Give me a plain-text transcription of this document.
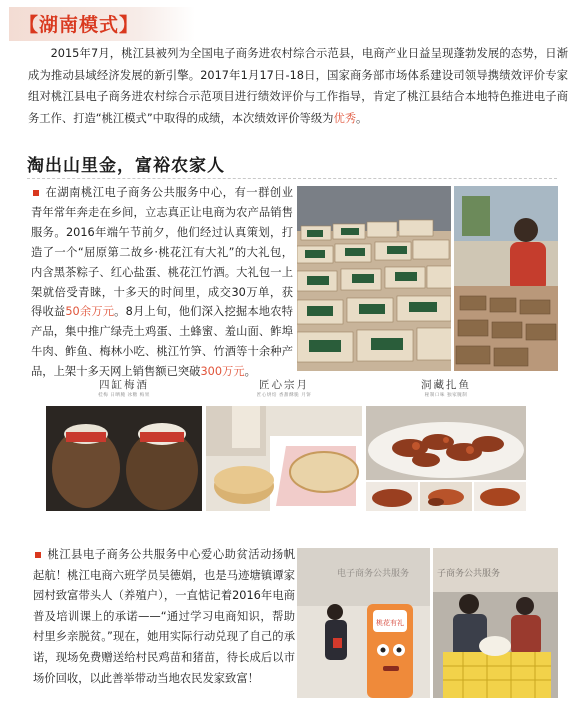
【湖南模式】
2015年7月，桃江县被列为全国电子商务进农村综合示范县，电商产业日益呈现蓬勃发展的态势，日渐成为推动县域经济发展的新引擎。2017年1月17日-18日，国家商务部市场体系建设司领导携绩效评价专家组对桃江县电子商务进农村综合示范项目进行绩效评价与工作指导，肯定了桃江县结合本地特色推进电子商务工作、打造“桃江模式”中取得的成绩，本次绩效评价等级为优秀。
淘出山里金，富裕农家人
在湖南桃江电子商务公共服务中心，有一群创业青年常年奔走在乡间，立志真正让电商为农产品销售服务。2016年端午节前夕，他们经过认真策划，打造了一个“屈原第二故乡·桃花江有大礼”的大礼包，内含黑茶粽子、红心盐蛋、桃花江竹酒。大礼包一上架就倍受青睐，十多天的时间里，成交30万单，获得收益50余万元。8月上旬，他们深入挖掘本地农特产品，集中推广绿壳土鸡蛋、土蜂蜜、羞山面、鲊埠牛肉、鲊鱼、梅林小吃、桃江竹笋、竹酒等十余种产品，上架十多天网上销售额已突破300万元。
四缸梅酒
桂梅 日晒腌 冰糖 梅果
匠心宗月
匠心烘焙 香甜酥脆 月饼
洞藏扎鱼
秘制口味 独家腌制
桃江县电子商务公共服务中心爱心助贫活动扬帆起航！桃江电商六班学员吴德娟，也是马迹塘镇谭家园村致富带头人（养殖户），一直惦记着2016年电商普及培训课上的承诺——“通过学习电商知识，帮助村里乡亲脱贫。”现在，她用实际行动兑现了自己的承诺，现场免费赠送给村民鸡苗和猪苗，待长成后以市场价回收，以此善举带动当地农民发家致富！
电子商务公共服务
桃花有礼
子商务公共服务
